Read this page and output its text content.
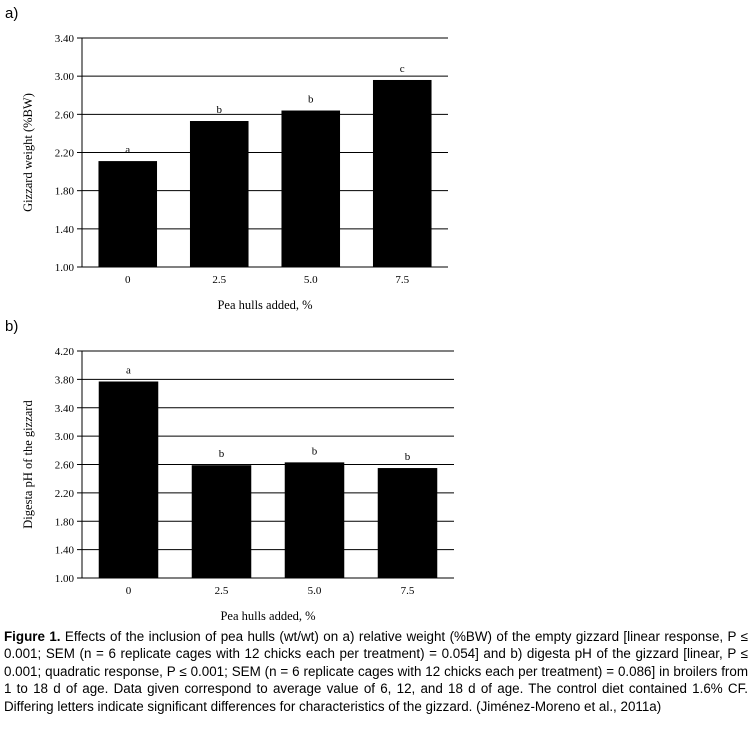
a)
1.00
1.40
1.80
2.20
2.60
3.00
3.40
a
0
b
2.5
b
5.0
c
7.5
Pea hulls added, %
Gizzard weight (%BW)
b)
1.00
1.40
1.80
2.20
2.60
3.00
3.40
3.80
4.20
a
0
b
2.5
b
5.0
b
7.5
Pea hulls added, %
Digesta pH of the gizzard
Figure 1. Effects of the inclusion of pea hulls (wt/wt) on a) relative weight (%BW) of the empty gizzard [linear response, P ≤ 0.001; SEM (n = 6 replicate cages with 12 chicks each per treatment) = 0.054] and b) digesta pH of the gizzard [linear, P ≤ 0.001; quadratic response, P ≤ 0.001; SEM (n = 6 replicate cages with 12 chicks each per treatment) = 0.086] in broilers from 1 to 18 d of age. Data given correspond to average value of 6, 12, and 18 d of age. The control diet contained 1.6% CF. Differing letters indicate significant differences for characteristics of the gizzard. (Jiménez-Moreno et al., 2011a)
